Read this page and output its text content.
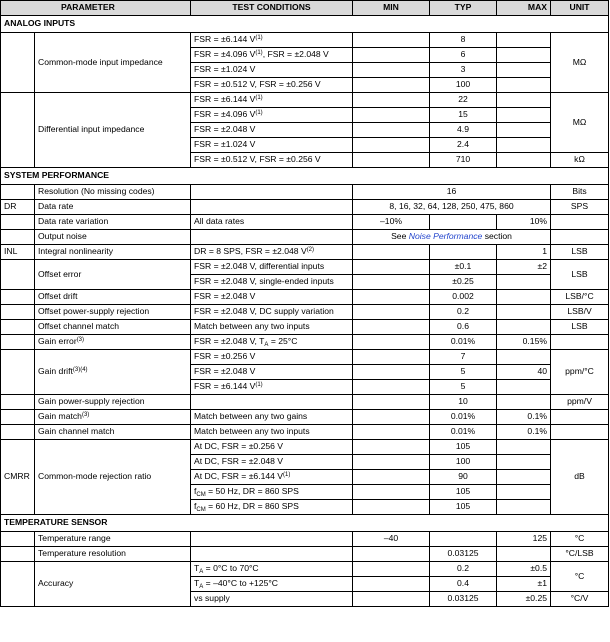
PARAMETER		TEST CONDITIONS	MIN	TYP	MAX	UNIT
ANALOG INPUTS						
	Common-mode input impedance	FSR = ±6.144 $V^{(1)}$		8		MΩ
		FSR = ±4.096 $V^{(1)}$, FSR = ±2.048 V		6		
		FSR = ±1.024 V		3		
		FSR = ±0.512 V, FSR = ±0.256 V		100		
	Differential input impedance	FSR = ±6.144 $V^{(1)}$		22		MΩ
		FSR = ±4.096 $V^{(1)}$		15		
		FSR = ±2.048 V		4.9		
		FSR = ±1.024 V		2.4		
		FSR = ±0.512 V, FSR = ±0.256 V		710		kΩ
SYSTEM PERFORMANCE						
	Resolution (No missing codes)		16			Bits
DR	Data rate		8, 16, 32, 64, 128, 250, 475, 860			SPS
	Data rate variation	All data rates	–10%		10%	
	Output noise		See Noise Performance section			
INL	Integral nonlinearity	DR = 8 SPS, FSR = ±2.048 $V^{(2)}$			1	LSB
	Offset error	FSR = ±2.048 V, differential inputs		±0.1	±2	LSB
		FSR = ±2.048 V, single-ended inputs		±0.25		
	Offset drift	FSR = ±2.048 V		0.002		LSB/°C
	Offset power-supply rejection	FSR = ±2.048 V, DC supply variation		0.2		LSB/V
	Offset channel match	Match between any two inputs		0.6		LSB
	Gain error$^{(3)}$	FSR = ±2.048 V, $T_A = 25^\circ C$		0.01%	0.15%	
	Gain drift$^{(3)(4)}$	FSR = ±0.256 V		7		ppm/°C
		FSR = ±2.048 V		5	40	
		FSR = ±6.144 $V^{(1)}$		5		
	Gain power-supply rejection			10		ppm/V
	Gain match$^{(3)}$	Match between any two gains		0.01%	0.1%	
	Gain channel match	Match between any two inputs		0.01%	0.1%	
CMRR	Common-mode rejection ratio	At DC, FSR = ±0.256 V		105		dB
		At DC, FSR = ±2.048 V		100		
		At DC, FSR = ±6.144 $V^{(1)}$		90		
		$f_{CM} = 50$ Hz, DR = 860 SPS		105		
		$f_{CM} = 60$ Hz, DR = 860 SPS		105		
TEMPERATURE SENSOR						
	Temperature range		–40		125	°C
	Temperature resolution			0.03125		°C/LSB
	Accuracy	$T_A = 0^\circ C$ to 70°C		0.2	±0.5	°C
		$T_A = -40^\circ C$ to +125°C		0.4	±1	
		vs supply		0.03125	±0.25	°C/V
